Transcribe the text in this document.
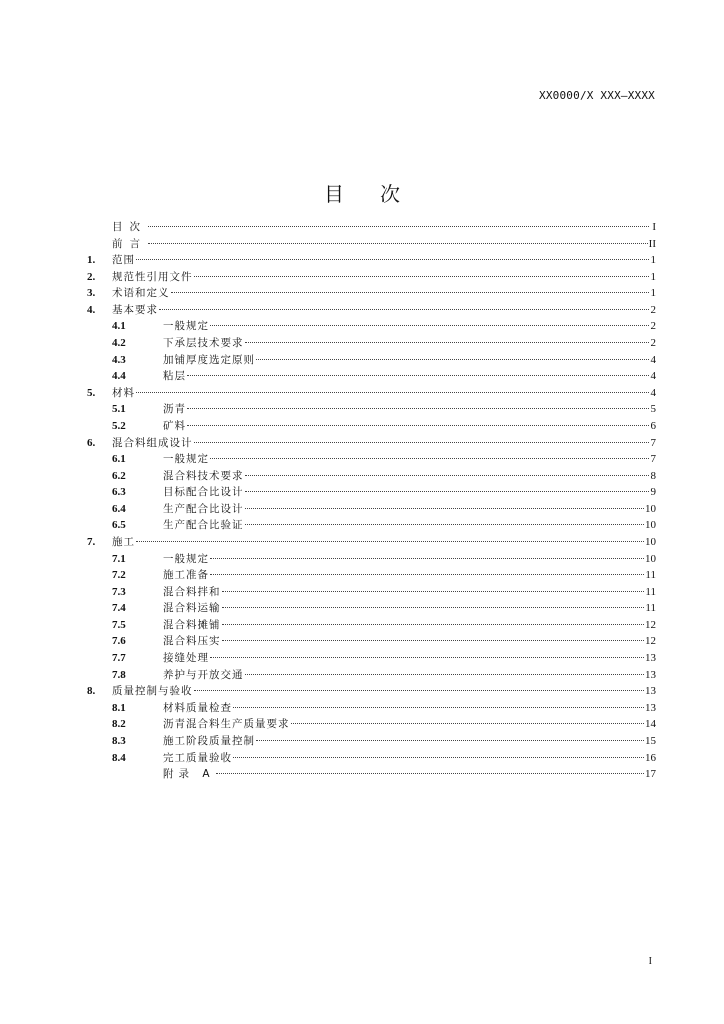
XX0000/X XXX—XXXX
目次
目次	I
前言	II
1.	范围	1
2.	规范性引用文件	1
3.	术语和定义	1
4.	基本要求	2
4.1	一般规定	2
4.2	下承层技术要求	2
4.3	加铺厚度选定原则	4
4.4	粘层	4
5.	材料	4
5.1	沥青	5
5.2	矿料	6
6.	混合料组成设计	7
6.1	一般规定	7
6.2	混合料技术要求	8
6.3	目标配合比设计	9
6.4	生产配合比设计	10
6.5	生产配合比验证	10
7.	施工	10
7.1	一般规定	10
7.2	施工准备	11
7.3	混合料拌和	11
7.4	混合料运输	11
7.5	混合料摊铺	12
7.6	混合料压实	12
7.7	接缝处理	13
7.8	养护与开放交通	13
8.	质量控制与验收	13
8.1	材料质量检查	13
8.2	沥青混合料生产质量要求	14
8.3	施工阶段质量控制	15
8.4	完工质量验收	16
附录 A	17
I
